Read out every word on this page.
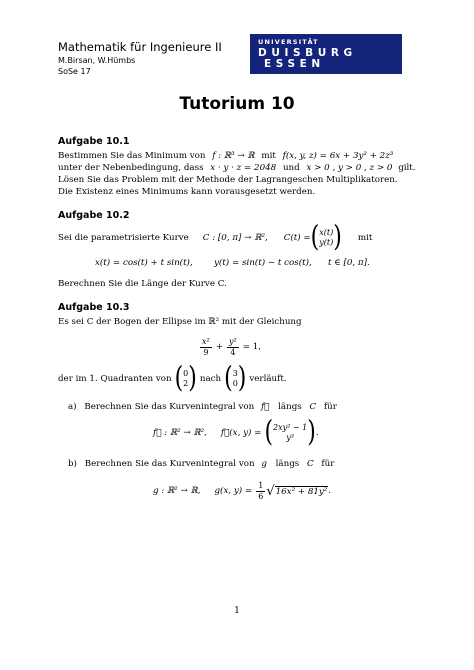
Mathematik für Ingenieure II
M.Birsan, W.Hümbs
SoSe 17
UNIVERSITÄT
DUISBURG
ESSEN
Tutorium 10
Aufgabe 10.1
Bestimmen Sie das Minimum von f : ℝ³ → ℝ mit f(x, y, z) = 6x + 3y² + 2z³
unter der Nebenbedingung, dass x · y · z = 2048 und x > 0 , y > 0 , z > 0 gilt.
Lösen Sie das Problem mit der Methode der Lagrangeschen Multiplikatoren.
Die Existenz eines Minimums kann vorausgesetzt werden.
Aufgabe 10.2
Sei die parametrisierte Kurve C : [0, π] → ℝ², C(t) = ( x(t)
y(t) ) mit
x(t) = cos(t) + t sin(t), y(t) = sin(t) − t cos(t), t ∈ [0, π].
Berechnen Sie die Länge der Kurve C.
Aufgabe 10.3
Es sei C der Bogen der Ellipse im ℝ² mit der Gleichung
$\frac{\text{x²}}{9} + \frac{\text{y²}}{4} = 1$,
der im 1. Quadranten von ( 0
2 ) nach ( 3
0 ) verläuft.
a) Berechnen Sie das Kurvenintegral von f⃗ längs C für
f⃗ : ℝ² → ℝ², f⃗(x, y) = ( 2xy² − 1
y³ ) .
b) Berechnen Sie das Kurvenintegral von g längs C für
g : ℝ² → ℝ, g(x, $y) = \frac{1}{6}$ √ 16x² + 81y² .
1
